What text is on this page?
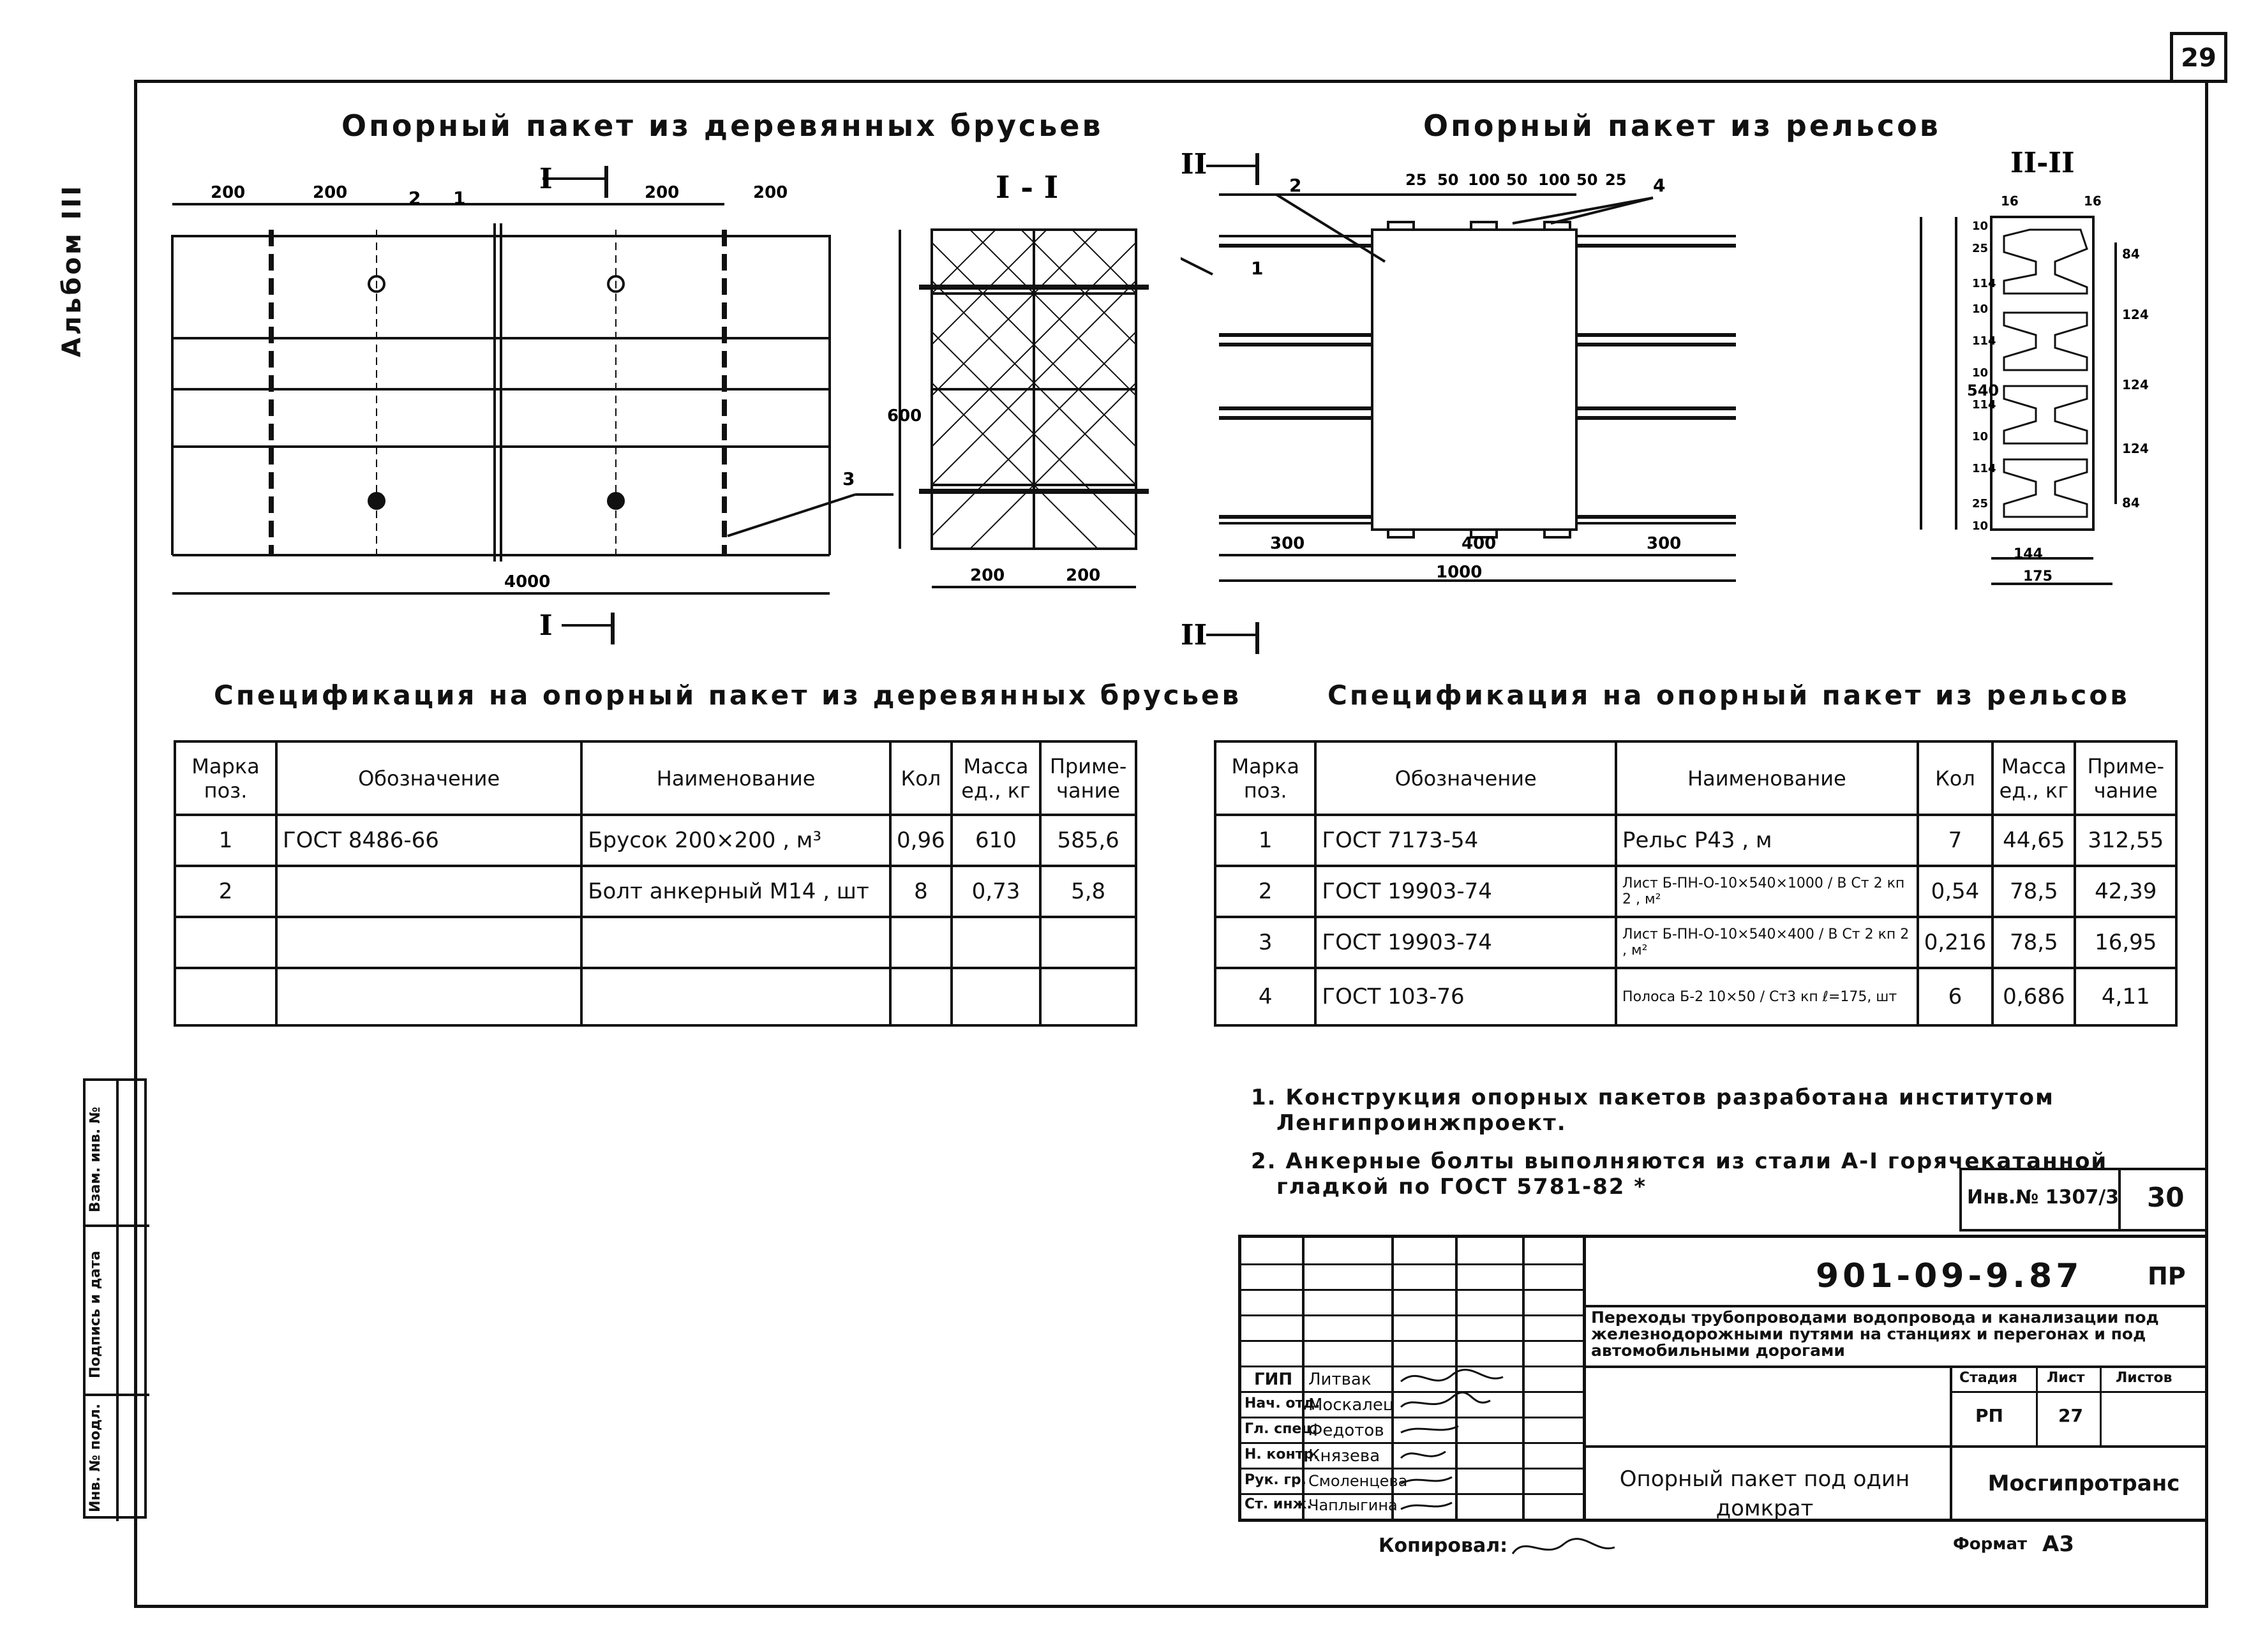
29
Альбом III
Взам. инв. №
Подпись и дата
Инв. № подл.
Опорный пакет из деревянных брусьев
200	200	200	200
4000
2 1
3
I
I
I - I
600
200	200
Опорный пакет из рельсов
25 50 100 50 100 50 25
300	400	300
1000
1
2	4
II
II
II-II
540
144
175
16	16
84
124
124
124
84
10
25
114
10
114
10
114
10
114
25
10
Спецификация на опорный пакет из деревянных брусьев
Марка поз.	Обозначение	Наименование	Кол	Масса ед., кг	Приме-чание
1	ГОСТ 8486-66	Брусок 200×200 , м³	0,96	610	585,6
2		Болт анкерный М14 , шт	8	0,73	5,8

Спецификация на опорный пакет из рельсов
Марка поз.	Обозначение	Наименование	Кол	Масса ед., кг	Приме-чание
1	ГОСТ 7173-54	Рельс Р43 , м	7	44,65	312,55
2	ГОСТ 19903-74	Лист Б-ПН-О-10×540×1000 / В Ст 2 кп 2 , м²	0,54	78,5	42,39
3	ГОСТ 19903-74	Лист Б-ПН-О-10×540×400 / В Ст 2 кп 2 , м²	0,216	78,5	16,95
4	ГОСТ 103-76	Полоса Б-2 10×50 / Ст3 кп ℓ=175, шт	6	0,686	4,11
1. Конструкция опорных пакетов разработана институтом
Ленгипроинжпроект.
2. Анкерные болты выполняются из стали А-I горячекатанной
гладкой по ГОСТ 5781-82 *	Инв.№ 1307/3 30
ГИП
Нач. отд.
Гл. спец.
Н. контр.
Рук. гр.
Ст. инж.
Литвак
Москалец
Федотов
Князева
Смоленцева
Чаплыгина
901-09-9.87	ПР
Переходы трубопроводами водопровода и канализации под железнодорожными путями на станциях и перегонах и под автомобильными дорогами
Стадия Лист Листов
РП	27
Опорный пакет под один домкрат
Мосгипротранс
Копировал:	Формат А3
